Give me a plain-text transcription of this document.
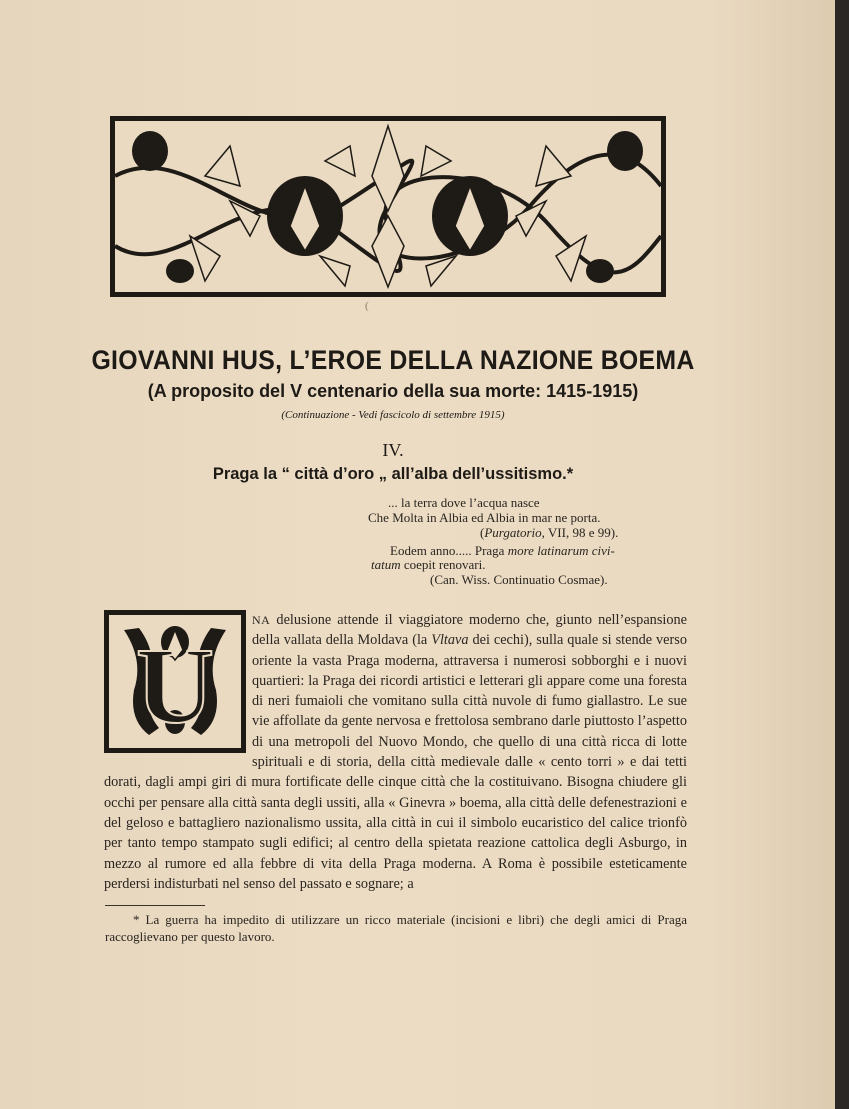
(
GIOVANNI HUS, L’EROE DELLA NAZIONE BOEMA
(A proposito del V centenario della sua morte: 1415-1915)
(Continuazione - Vedi fascicolo di settembre 1915)
IV.
Praga la “ città d’oro „ all’alba dell’ussitismo.*
... la terra dove l’acqua nasce
Che Molta in Albia ed Albia in mar ne porta.
(Purgatorio, VII, 98 e 99).
Eodem anno..... Praga more latinarum civi-
tatum coepit renovari.
(Can. Wiss. Continuatio Cosmae).
U
NA delusione attende il viaggiatore moderno che, giunto nell’espansione della vallata della Moldava (la Vltava dei cechi), sulla quale si stende verso oriente la vasta Praga moderna, attraversa i numerosi sobborghi e i nuovi quartieri: la Praga dei ricordi artistici e letterari gli appare come una foresta di neri fumaioli che vomitano sulla città nuvole di fumo giallastro. Le sue vie affollate da gente nervosa e frettolosa sembrano darle piuttosto l’aspetto di una metropoli del Nuovo Mondo, che quello di una città ricca di lotte spirituali e di storia, della città medievale dalle « cento torri » e dai tetti dorati, dagli ampi giri di mura fortificate delle cinque città che la costituivano. Bisogna chiudere gli occhi per pensare alla città santa degli ussiti, alla « Ginevra » boema, alla città delle defenestrazioni e del geloso e battagliero nazionalismo ussita, alla città in cui il simbolo eucaristico del calice trionfò per tanto tempo stampato sugli edifici; al centro della spietata reazione cattolica degli Asburgo, in mezzo al rumore ed alla febbre di vita della Praga moderna. A Roma è possibile esteticamente perdersi indisturbati nel senso del passato e sognare; a
* La guerra ha impedito di utilizzare un ricco materiale (incisioni e libri) che degli amici di Praga raccoglievano per questo lavoro.
